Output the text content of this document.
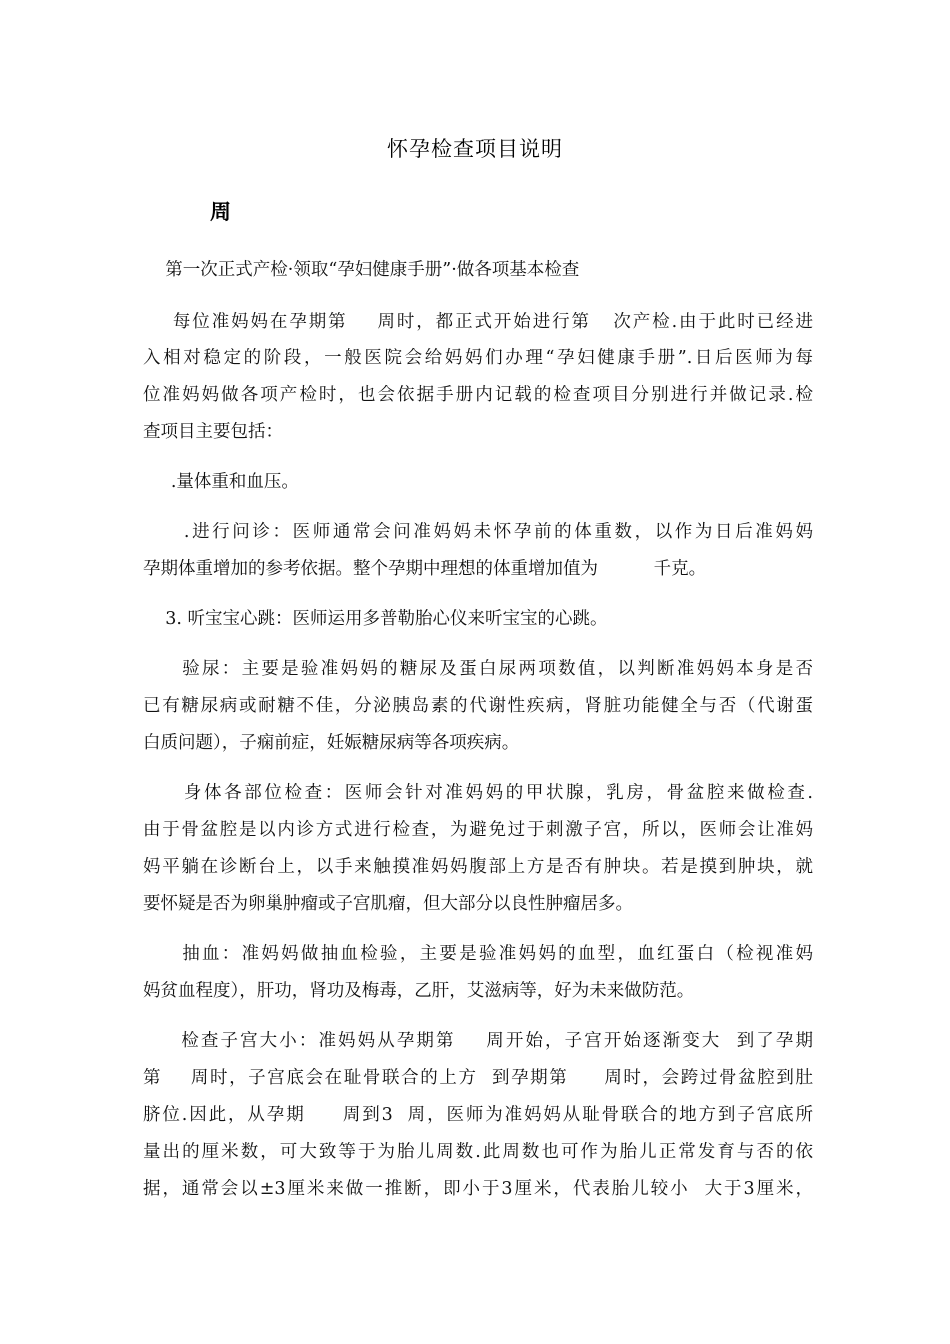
怀孕检查项目说明
周
第一次正式产检·领取“孕妇健康手册”·做各项基本检查
每位准妈妈在孕期第    周时，都正式开始进行第   次产检.由于此时已经进
入相对稳定的阶段，一般医院会给妈妈们办理“孕妇健康手册”.日后医师为每
位准妈妈做各项产检时，也会依据手册内记载的检查项目分别进行并做记录.检
查项目主要包括：
.量体重和血压。
.进行问诊：医师通常会问准妈妈未怀孕前的体重数，以作为日后准妈妈
孕期体重增加的参考依据。整个孕期中理想的体重增加值为          千克。
3. 听宝宝心跳：医师运用多普勒胎心仪来听宝宝的心跳。
验尿：主要是验准妈妈的糖尿及蛋白尿两项数值，以判断准妈妈本身是否
已有糖尿病或耐糖不佳，分泌胰岛素的代谢性疾病，肾脏功能健全与否（代谢蛋
白质问题），子痫前症，妊娠糖尿病等各项疾病。
身体各部位检查：医师会针对准妈妈的甲状腺，乳房，骨盆腔来做检查.
由于骨盆腔是以内诊方式进行检查，为避免过于刺激子宫，所以，医师会让准妈
妈平躺在诊断台上，以手来触摸准妈妈腹部上方是否有肿块。若是摸到肿块，就
要怀疑是否为卵巢肿瘤或子宫肌瘤，但大部分以良性肿瘤居多。
抽血：准妈妈做抽血检验，主要是验准妈妈的血型，血红蛋白（检视准妈
妈贫血程度），肝功，肾功及梅毒，乙肝，艾滋病等，好为未来做防范。
检查子宫大小：准妈妈从孕期第    周开始，子宫开始逐渐变大  到了孕期
第    周时，子宫底会在耻骨联合的上方  到孕期第     周时，会跨过骨盆腔到肚
脐位.因此，从孕期     周到3  周，医师为准妈妈从耻骨联合的地方到子宫底所
量出的厘米数，可大致等于为胎儿周数.此周数也可作为胎儿正常发育与否的依
据，通常会以±3厘米来做一推断，即小于3厘米，代表胎儿较小  大于3厘米，
